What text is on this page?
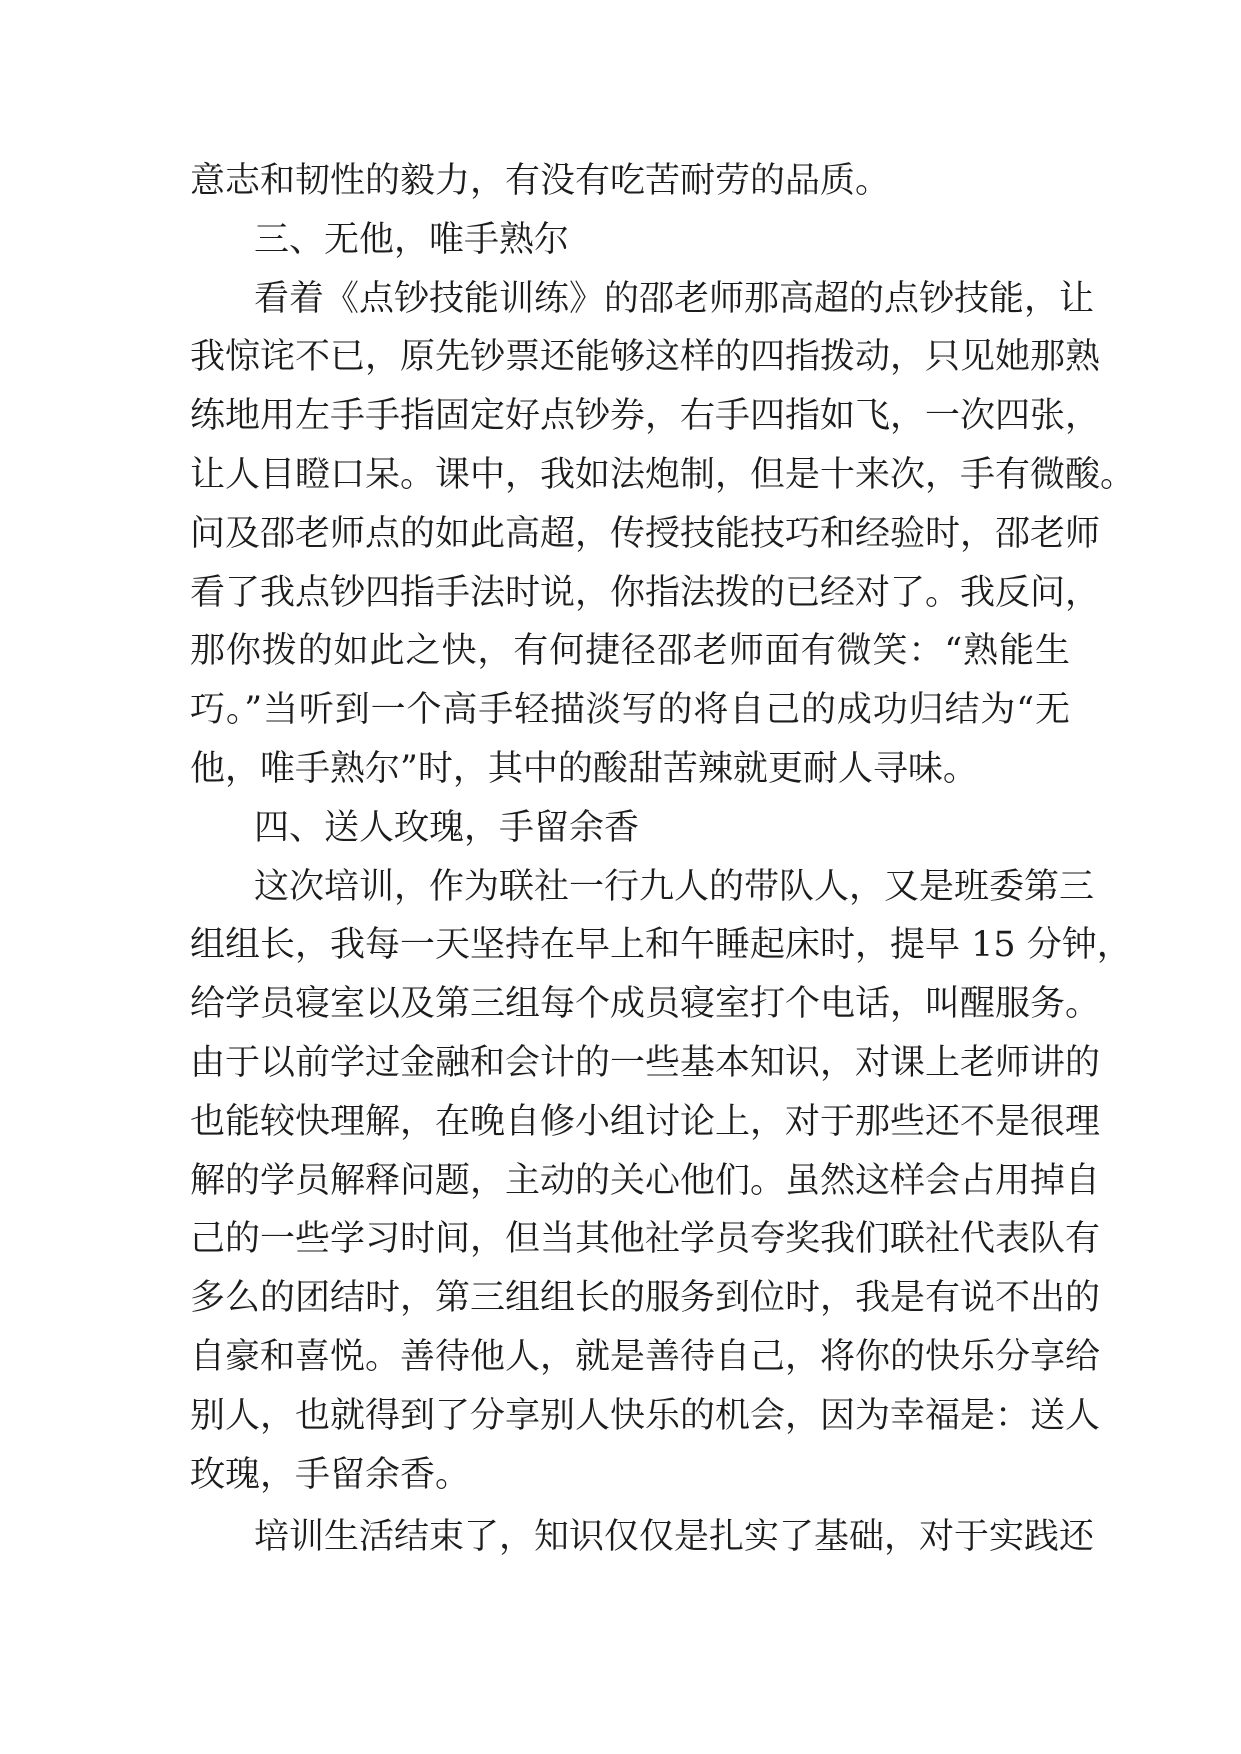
意志和韧性的毅力，有没有吃苦耐劳的品质。
三、无他，唯手熟尔
看着《点钞技能训练》的邵老师那高超的点钞技能，让
我惊诧不已，原先钞票还能够这样的四指拨动，只见她那熟
练地用左手手指固定好点钞券，右手四指如飞，一次四张，
让人目瞪口呆。课中，我如法炮制，但是十来次，手有微酸。
问及邵老师点的如此高超，传授技能技巧和经验时，邵老师
看了我点钞四指手法时说，你指法拨的已经对了。我反问，
那你拨的如此之快，有何捷径邵老师面有微笑：“熟能生
巧。”当听到一个高手轻描淡写的将自己的成功归结为“无
他，唯手熟尔”时，其中的酸甜苦辣就更耐人寻味。
四、送人玫瑰，手留余香
这次培训，作为联社一行九人的带队人，又是班委第三
组组长，我每一天坚持在早上和午睡起床时，提早 15 分钟，
给学员寝室以及第三组每个成员寝室打个电话，叫醒服务。
由于以前学过金融和会计的一些基本知识，对课上老师讲的
也能较快理解，在晚自修小组讨论上，对于那些还不是很理
解的学员解释问题，主动的关心他们。虽然这样会占用掉自
己的一些学习时间，但当其他社学员夸奖我们联社代表队有
多么的团结时，第三组组长的服务到位时，我是有说不出的
自豪和喜悦。善待他人，就是善待自己，将你的快乐分享给
别人，也就得到了分享别人快乐的机会，因为幸福是：送人
玫瑰，手留余香。
培训生活结束了，知识仅仅是扎实了基础，对于实践还
